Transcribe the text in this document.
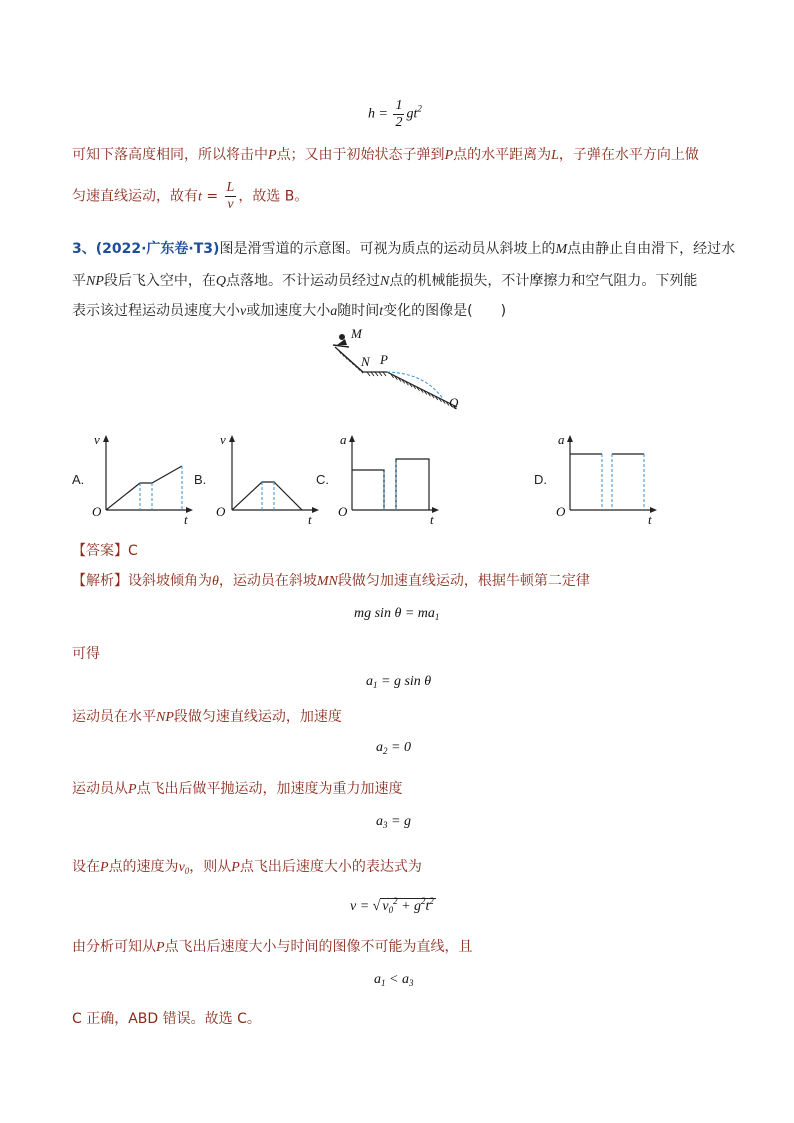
$h = \frac{1}{2} gt^2$
可知下落高度相同，所以将击中P点；又由于初始状态子弹到P点的水平距离为L，子弹在水平方向上做
匀速直线运动，故有$t = \frac{L}{v}$ ，故选 B。
3、(2022·广东卷·T3)图是滑雪道的示意图。可视为质点的运动员从斜坡上的M点由静止自由滑下，经过水
平NP段后飞入空中，在Q点落地。不计运动员经过N点的机械能损失，不计摩擦力和空气阻力。下列能
表示该过程运动员速度大小v或加速度大小a随时间t变化的图像是(　　)
M
N P
Q
A.
v
O
t
B.
v
O
t
C.
a
O
t
D.
a
O
t
【答案】C
【解析】设斜坡倾角为θ，运动员在斜坡MN段做匀加速直线运动，根据牛顿第二定律
mg $\sin \theta = ma_1$
可得
$a_1 = g$ sin θ
运动员在水平NP段做匀速直线运动，加速度
$a_2 = 0$
运动员从P点飞出后做平抛运动，加速度为重力加速度
$a_3 = g$
设在P点的速度为$v_0$，则从P点飞出后速度大小的表达式为
v = √ $v_0^2 + g^2t^2$
由分析可知从P点飞出后速度大小与时间的图像不可能为直线，且
$a_1 < a_3$
C 正确，ABD 错误。故选 C。
